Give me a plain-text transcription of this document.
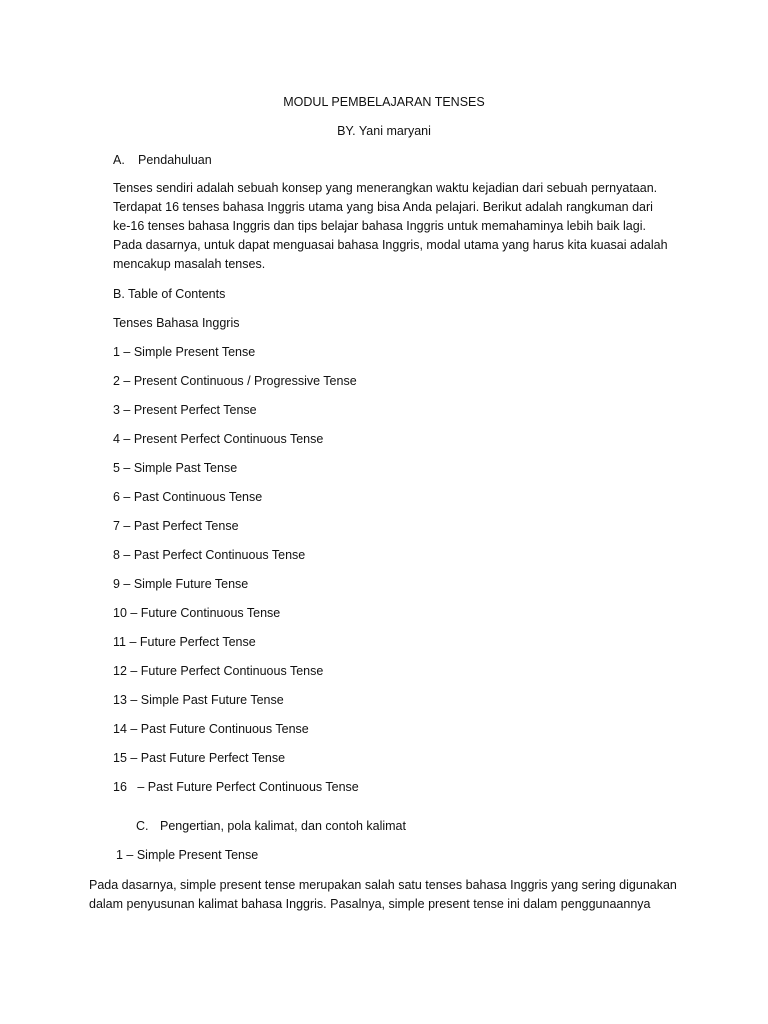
MODUL PEMBELAJARAN TENSES
BY. Yani maryani
A. Pendahuluan

Tenses sendiri adalah sebuah konsep yang menerangkan waktu kejadian dari sebuah pernyataan. Terdapat 16 tenses bahasa Inggris utama yang bisa Anda pelajari. Berikut adalah rangkuman dari ke-16 tenses bahasa Inggris dan tips belajar bahasa Inggris untuk memahaminya lebih baik lagi. Pada dasarnya, untuk dapat menguasai bahasa Inggris, modal utama yang harus kita kuasai adalah mencakup masalah tenses.

B. Table of Contents
Tenses Bahasa Inggris
1 – Simple Present Tense
2 – Present Continuous / Progressive Tense
3 – Present Perfect Tense
4 – Present Perfect Continuous Tense
5 – Simple Past Tense
6 – Past Continuous Tense
7 – Past Perfect Tense
8 – Past Perfect Continuous Tense
9 – Simple Future Tense
10 – Future Continuous Tense
11 – Future Perfect Tense
12 – Future Perfect Continuous Tense
13 – Simple Past Future Tense
14 – Past Future Continuous Tense
15 – Past Future Perfect Tense
16   – Past Future Perfect Continuous Tense
C. Pengertian, pola kalimat, dan contoh kalimat
1 – Simple Present Tense

Pada dasarnya, simple present tense merupakan salah satu tenses bahasa Inggris yang sering digunakan dalam penyusunan kalimat bahasa Inggris. Pasalnya, simple present tense ini dalam penggunaannya
